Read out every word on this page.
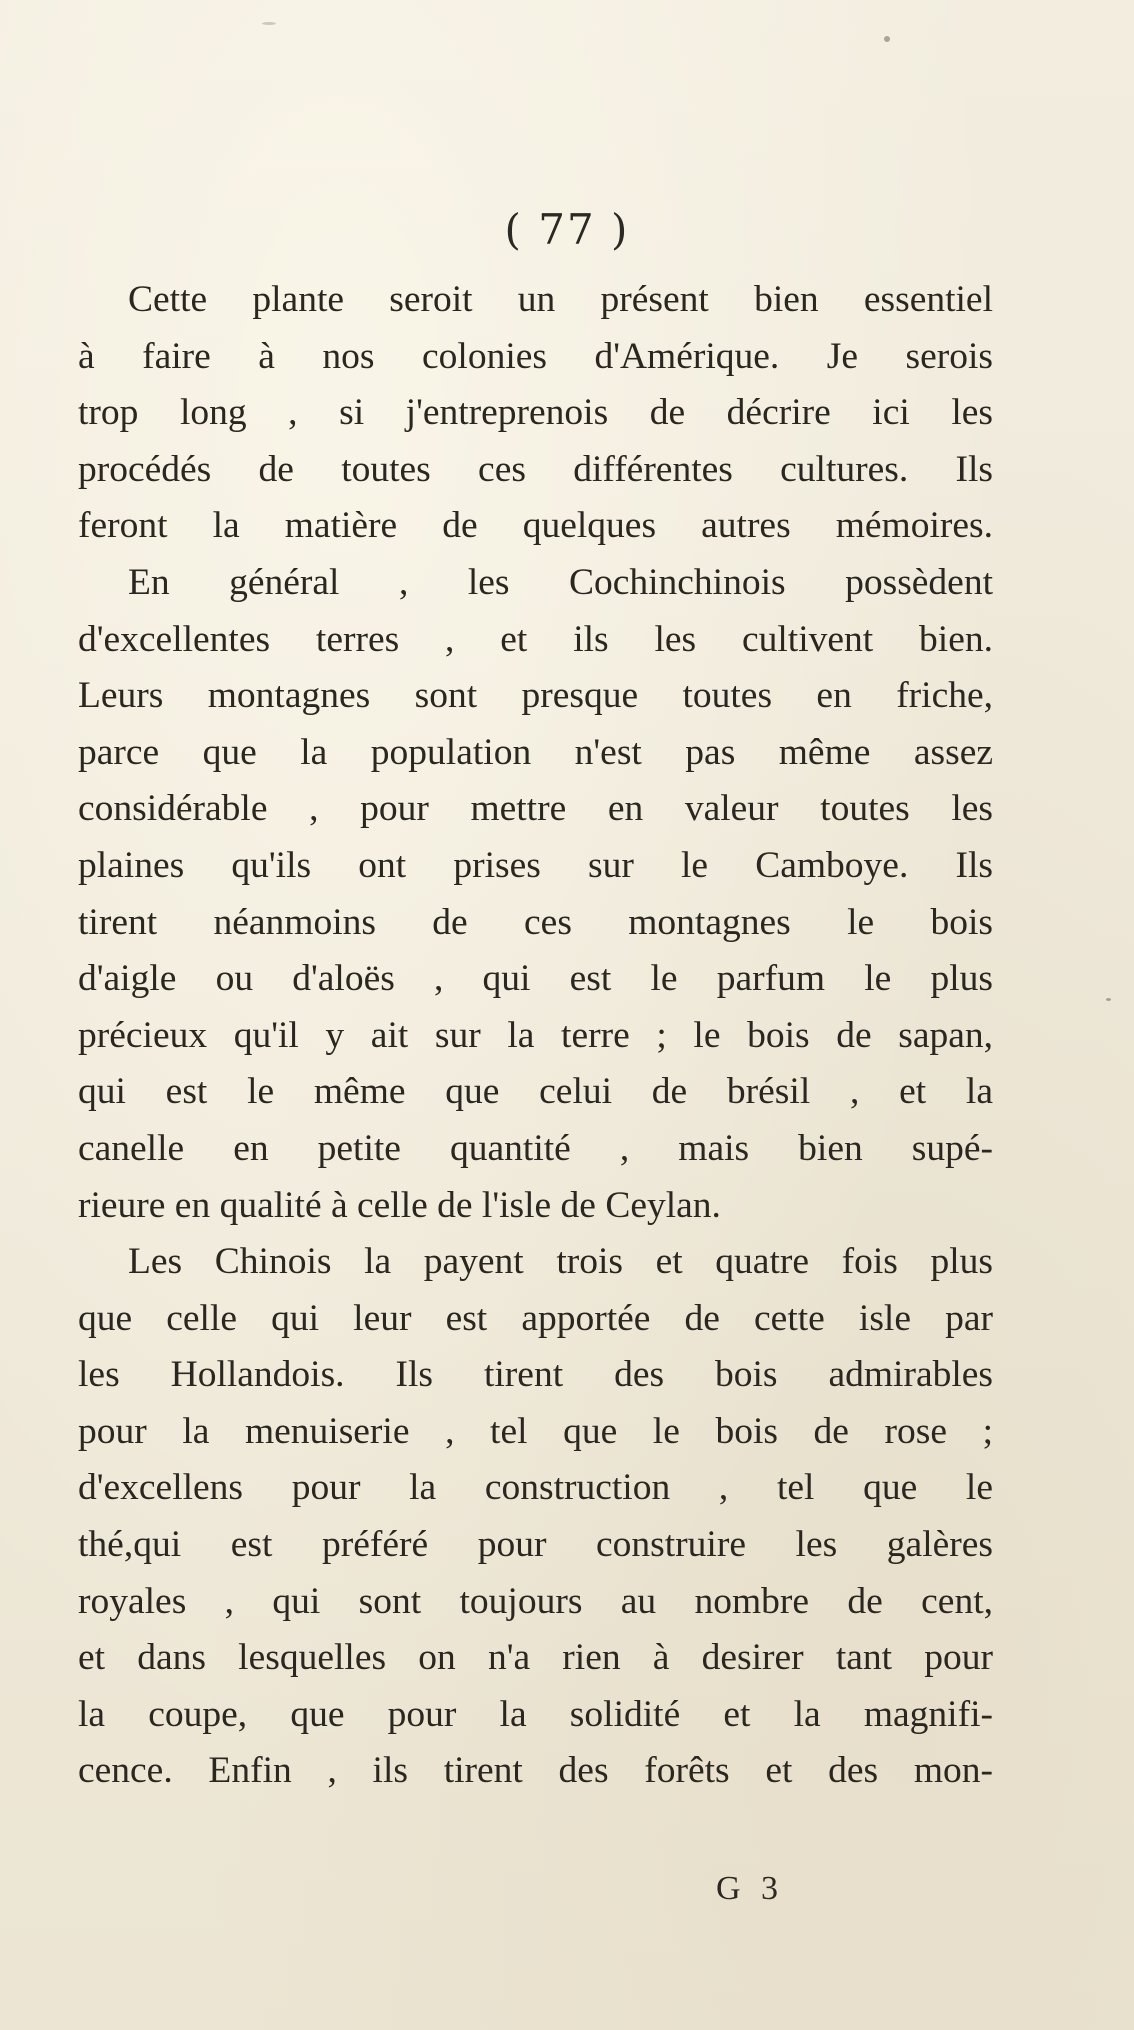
( 77 )
Cette plante seroit un présent bien essentiel
à faire à nos colonies d'Amérique. Je serois
trop long , si j'entreprenois de décrire ici les
procédés de toutes ces différentes cultures. Ils
feront la matière de quelques autres mémoires.
En général , les Cochinchinois possèdent
d'excellentes terres , et ils les cultivent bien.
Leurs montagnes sont presque toutes en friche,
parce que la population n'est pas même assez
considérable , pour mettre en valeur toutes les
plaines qu'ils ont prises sur le Camboye. Ils
tirent néanmoins de ces montagnes le bois
d'aigle ou d'aloës , qui est le parfum le plus
précieux qu'il y ait sur la terre ; le bois de sapan,
qui est le même que celui de brésil , et la
canelle en petite quantité , mais bien supé-
rieure en qualité à celle de l'isle de Ceylan.
Les Chinois la payent trois et quatre fois plus
que celle qui leur est apportée de cette isle par
les Hollandois. Ils tirent des bois admirables
pour la menuiserie , tel que le bois de rose ;
d'excellens pour la construction , tel que le
thé,qui est préféré pour construire les galères
royales , qui sont toujours au nombre de cent,
et dans lesquelles on n'a rien à desirer tant pour
la coupe, que pour la solidité et la magnifi-
cence. Enfin , ils tirent des forêts et des mon-
G 3
